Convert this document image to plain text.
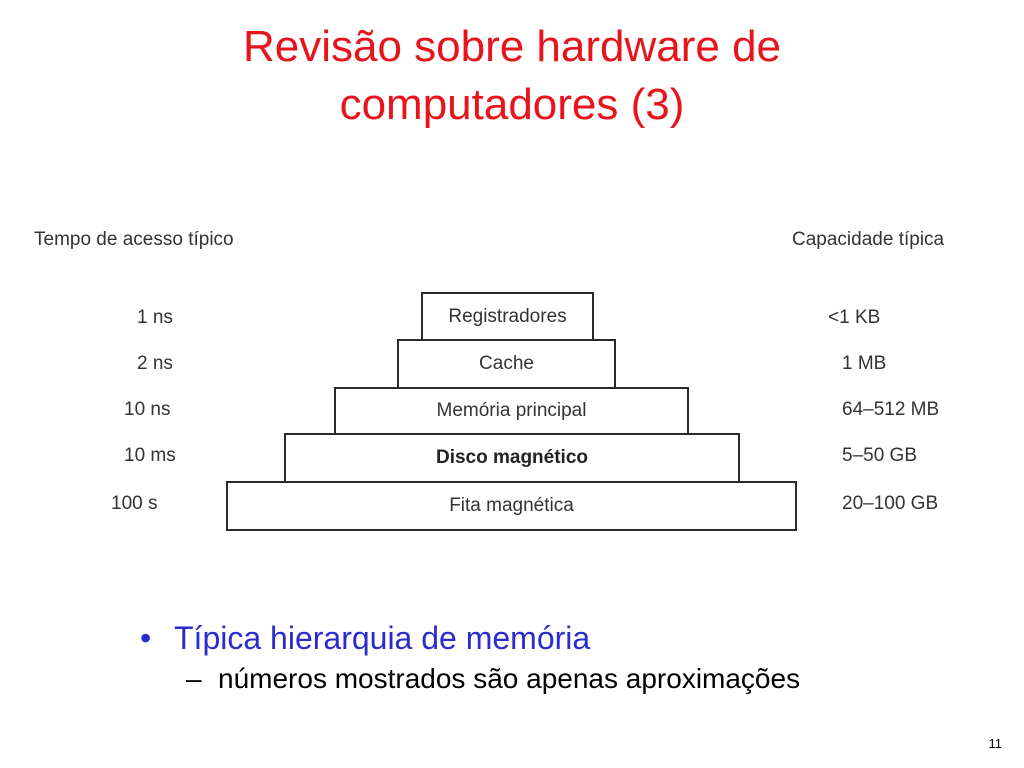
Revisão sobre hardware de
computadores (3)
Tempo de acesso típico	Capacidade típica
1 ns	Registradores	<1 KB
2 ns	Cache	1 MB
10 ns	Memória principal	64–512 MB
10 ms	Disco magnético	5–50 GB
100 s	Fita magnética	20–100 GB
• Típica hierarquia de memória
– números mostrados são apenas aproximações
11
